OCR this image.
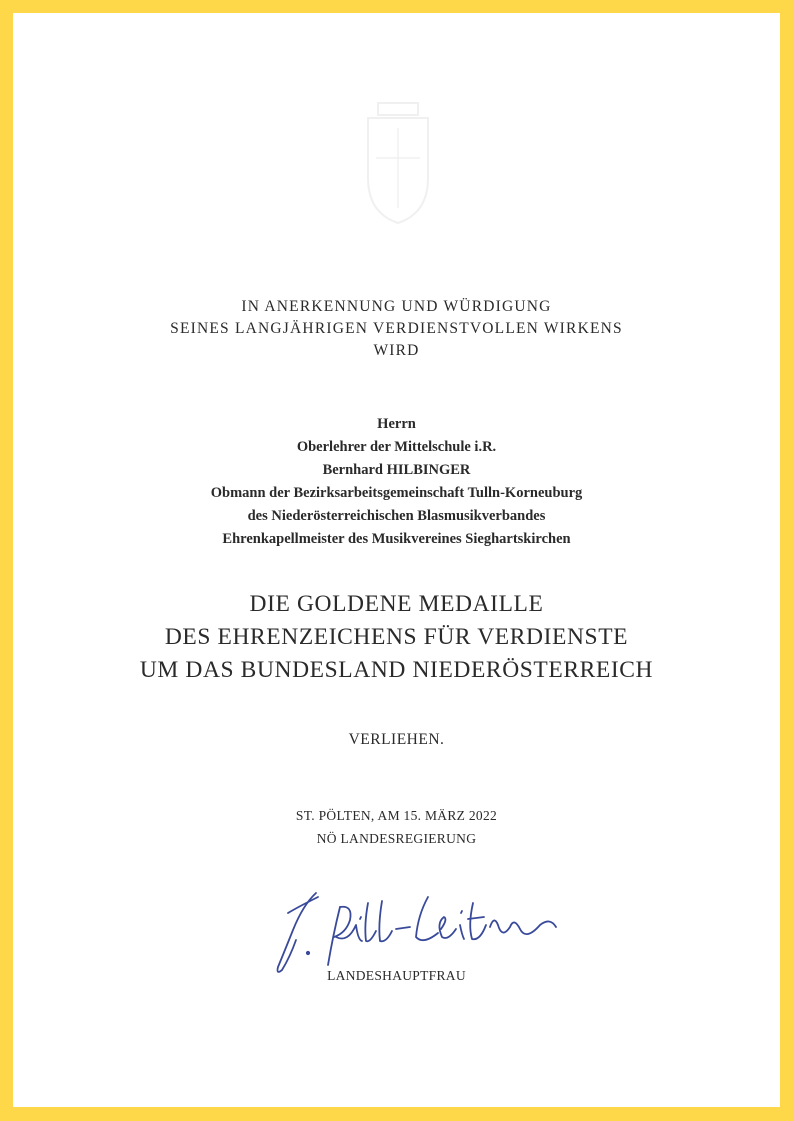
IN ANERKENNUNG UND WÜRDIGUNG
SEINES LANGJÄHRIGEN VERDIENSTVOLLEN WIRKENS
WIRD
Herrn
Oberlehrer der Mittelschule i.R.
Bernhard HILBINGER
Obmann der Bezirksarbeitsgemeinschaft Tulln-Korneuburg
des Niederösterreichischen Blasmusikverbandes
Ehrenkapellmeister des Musikvereines Sieghartskirchen
DIE GOLDENE MEDAILLE
DES EHRENZEICHENS FÜR VERDIENSTE
UM DAS BUNDESLAND NIEDERÖSTERREICH
VERLIEHEN.
ST. PÖLTEN, AM 15. MÄRZ 2022
NÖ LANDESREGIERUNG
LANDESHAUPTFRAU
